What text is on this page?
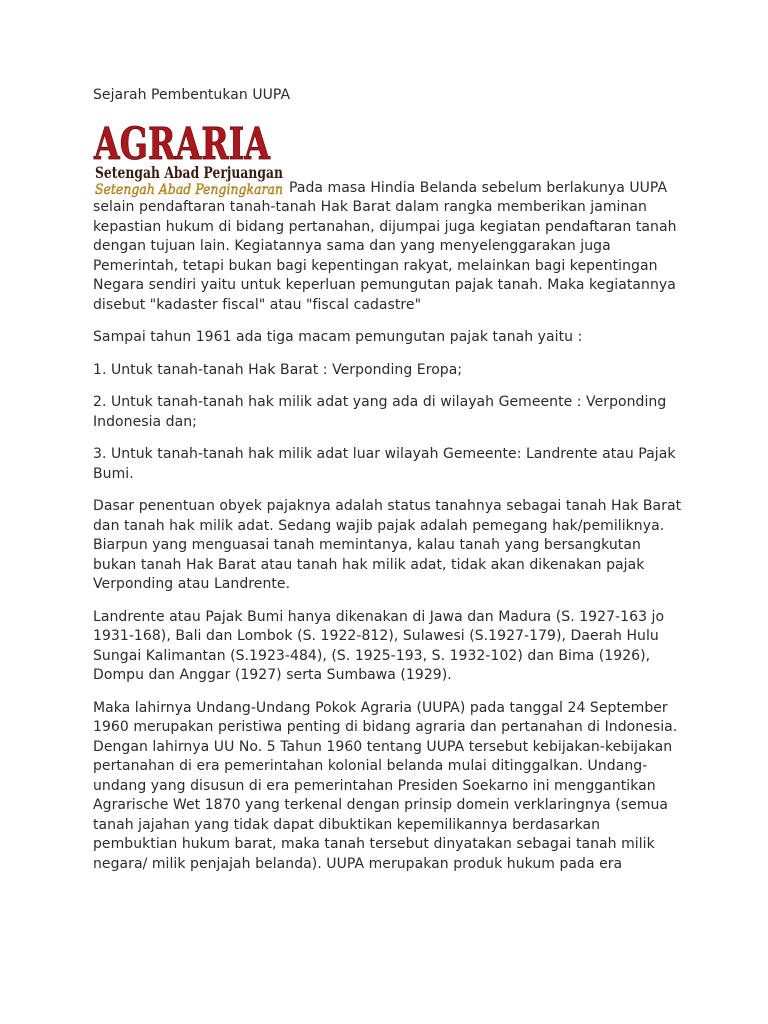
Sejarah Pembentukan UUPA
AGRARIA
Setengah Abad Perjuangan
Setengah Abad Pengingkaran Pada masa Hindia Belanda sebelum berlakunya UUPA selain pendaftaran tanah-tanah Hak Barat dalam rangka memberikan jaminan kepastian hukum di bidang pertanahan, dijumpai juga kegiatan pendaftaran tanah dengan tujuan lain. Kegiatannya sama dan yang menyelenggarakan juga Pemerintah, tetapi bukan bagi kepentingan rakyat, melainkan bagi kepentingan Negara sendiri yaitu untuk keperluan pemungutan pajak tanah. Maka kegiatannya disebut "kadaster fiscal" atau "fiscal cadastre"

Sampai tahun 1961 ada tiga macam pemungutan pajak tanah yaitu :

1. Untuk tanah-tanah Hak Barat : Verponding Eropa;

2. Untuk tanah-tanah hak milik adat yang ada di wilayah Gemeente : Verponding Indonesia dan;

3. Untuk tanah-tanah hak milik adat luar wilayah Gemeente: Landrente atau Pajak Bumi.

Dasar penentuan obyek pajaknya adalah status tanahnya sebagai tanah Hak Barat dan tanah hak milik adat. Sedang wajib pajak adalah pemegang hak/pemiliknya. Biarpun yang menguasai tanah memintanya, kalau tanah yang bersangkutan bukan tanah Hak Barat atau tanah hak milik adat, tidak akan dikenakan pajak Verponding atau Landrente.

Landrente atau Pajak Bumi hanya dikenakan di Jawa dan Madura (S. 1927-163 jo 1931-168), Bali dan Lombok (S. 1922-812), Sulawesi (S.1927-179), Daerah Hulu Sungai Kalimantan (S.1923-484), (S. 1925-193, S. 1932-102) dan Bima (1926), Dompu dan Anggar (1927) serta Sumbawa (1929).

Maka lahirnya Undang-Undang Pokok Agraria (UUPA) pada tanggal 24 September 1960 merupakan peristiwa penting di bidang agraria dan pertanahan di Indonesia. Dengan lahirnya UU No. 5 Tahun 1960 tentang UUPA tersebut kebijakan-kebijakan pertanahan di era pemerintahan kolonial belanda mulai ditinggalkan. Undang-undang yang disusun di era pemerintahan Presiden Soekarno ini menggantikan Agrarische Wet 1870 yang terkenal dengan prinsip domein verklaringnya (semua tanah jajahan yang tidak dapat dibuktikan kepemilikannya berdasarkan pembuktian hukum barat, maka tanah tersebut dinyatakan sebagai tanah milik negara/ milik penjajah belanda). UUPA merupakan produk hukum pada era
